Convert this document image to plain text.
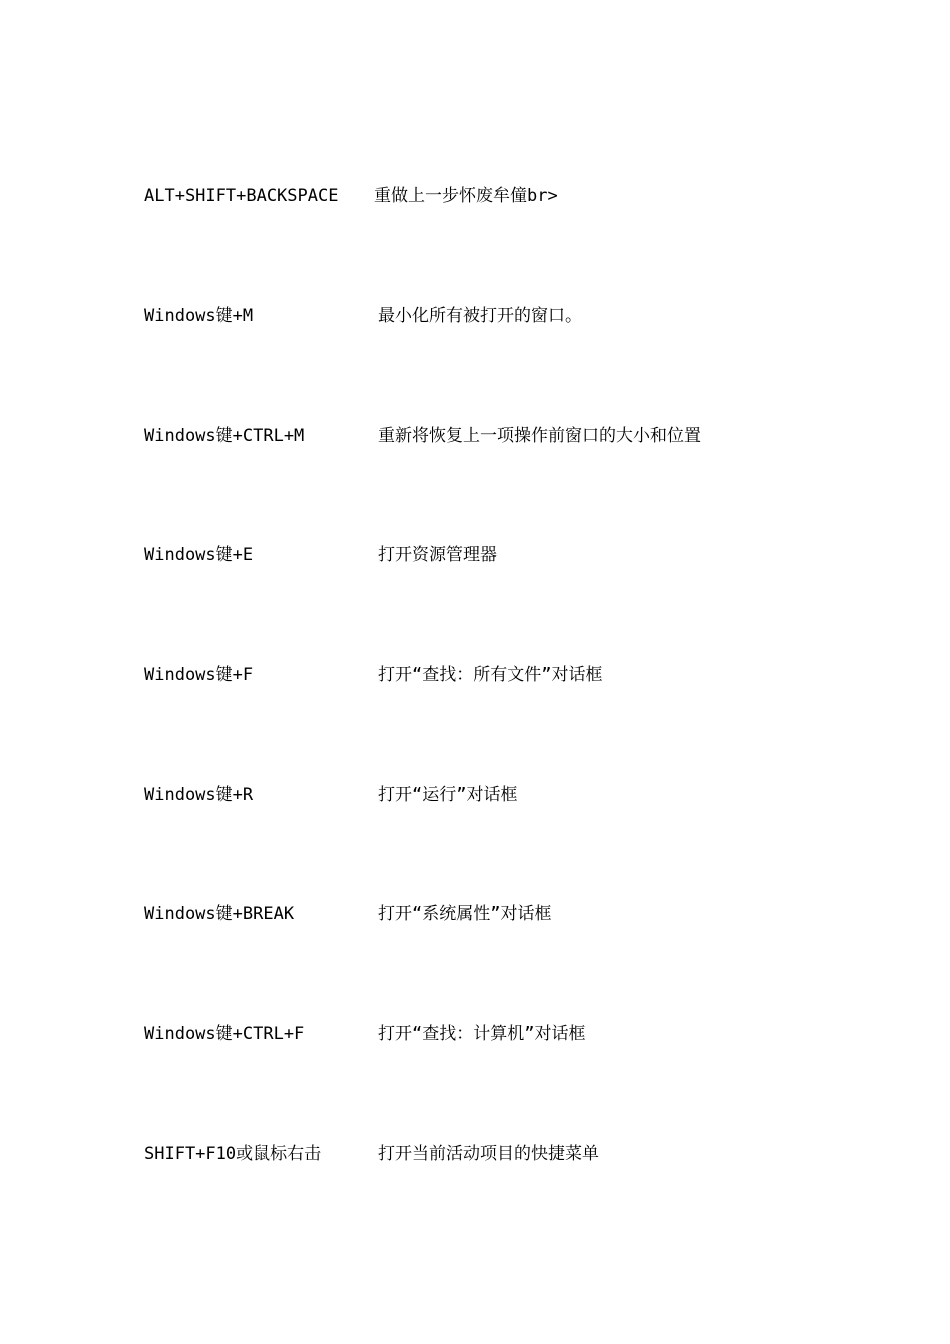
ALT+SHIFT+BACKSPACE 重做上一步怀废牟僮br>
Windows键+M	最小化所有被打开的窗口。
Windows键+CTRL+M	重新将恢复上一项操作前窗口的大小和位置
Windows键+E	打开资源管理器
Windows键+F	打开“查找：所有文件”对话框
Windows键+R	打开“运行”对话框
Windows键+BREAK	打开“系统属性”对话框
Windows键+CTRL+F	打开“查找：计算机”对话框
SHIFT+F10或鼠标右击	打开当前活动项目的快捷菜单
